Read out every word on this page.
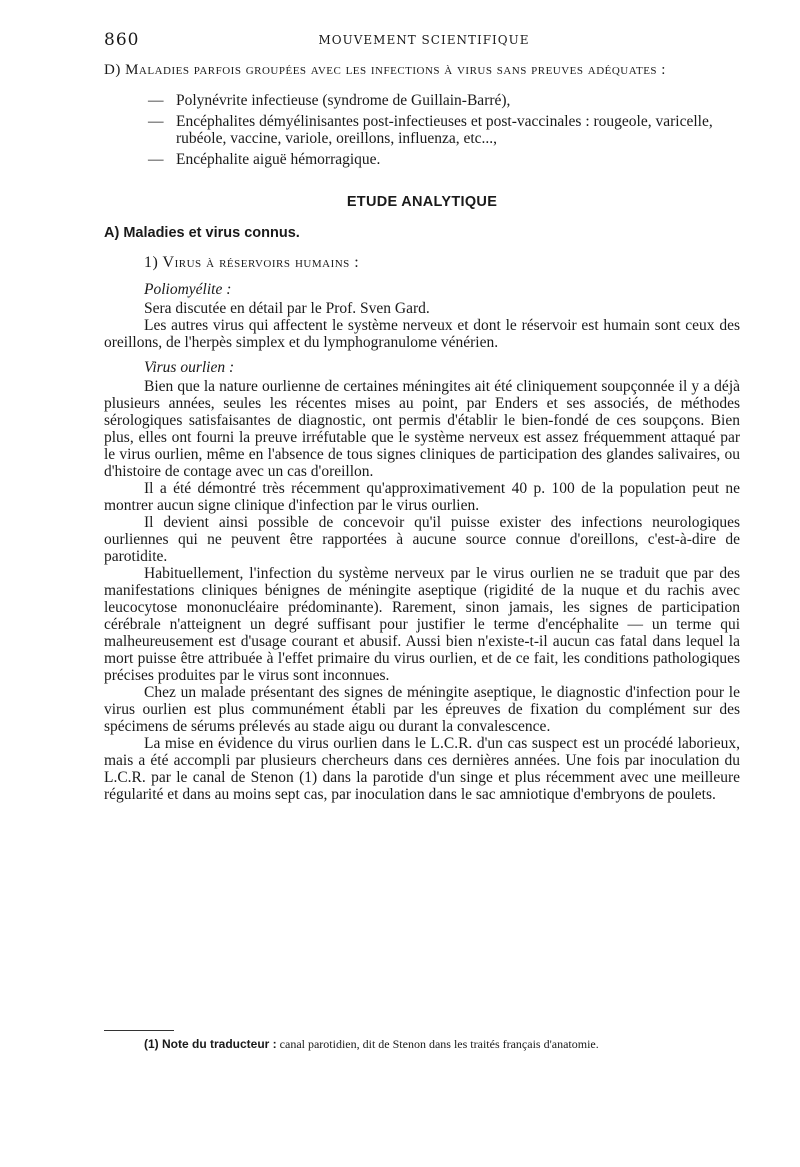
860	MOUVEMENT SCIENTIFIQUE
D) Maladies parfois groupées avec les infections à virus sans preuves adéquates :
— Polynévrite infectieuse (syndrome de Guillain-Barré),
— Encéphalites démyélinisantes post-infectieuses et post-vaccinales : rougeole, varicelle, rubéole, vaccine, variole, oreillons, influenza, etc...,
— Encéphalite aiguë hémorragique.
ETUDE ANALYTIQUE
A) Maladies et virus connus.
1) Virus à réservoirs humains :
Poliomyélite :

Sera discutée en détail par le Prof. Sven Gard.

Les autres virus qui affectent le système nerveux et dont le réservoir est humain sont ceux des oreillons, de l'herpès simplex et du lymphogranulome vénérien.

Virus ourlien :

Bien que la nature ourlienne de certaines méningites ait été cliniquement soupçonnée il y a déjà plusieurs années, seules les récentes mises au point, par Enders et ses associés, de méthodes sérologiques satisfaisantes de diagnostic, ont permis d'établir le bien-fondé de ces soupçons. Bien plus, elles ont fourni la preuve irréfutable que le système nerveux est assez fréquemment attaqué par le virus ourlien, même en l'absence de tous signes cliniques de participation des glandes salivaires, ou d'histoire de contage avec un cas d'oreillon.

Il a été démontré très récemment qu'approximativement 40 p. 100 de la population peut ne montrer aucun signe clinique d'infection par le virus ourlien.

Il devient ainsi possible de concevoir qu'il puisse exister des infections neurologiques ourliennes qui ne peuvent être rapportées à aucune source connue d'oreillons, c'est-à-dire de parotidite.

Habituellement, l'infection du système nerveux par le virus ourlien ne se traduit que par des manifestations cliniques bénignes de méningite aseptique (rigidité de la nuque et du rachis avec leucocytose mononucléaire prédominante). Rarement, sinon jamais, les signes de participation cérébrale n'atteignent un degré suffisant pour justifier le terme d'encéphalite — un terme qui malheureusement est d'usage courant et abusif. Aussi bien n'existe-t-il aucun cas fatal dans lequel la mort puisse être attribuée à l'effet primaire du virus ourlien, et de ce fait, les conditions pathologiques précises produites par le virus sont inconnues.

Chez un malade présentant des signes de méningite aseptique, le diagnostic d'infection pour le virus ourlien est plus communément établi par les épreuves de fixation du complément sur des spécimens de sérums prélevés au stade aigu ou durant la convalescence.

La mise en évidence du virus ourlien dans le L.C.R. d'un cas suspect est un procédé laborieux, mais a été accompli par plusieurs chercheurs dans ces dernières années. Une fois par inoculation du L.C.R. par le canal de Stenon (1) dans la parotide d'un singe et plus récemment avec une meilleure régularité et dans au moins sept cas, par inoculation dans le sac amniotique d'embryons de poulets.

(1) Note du traducteur : canal parotidien, dit de Stenon dans les traités français d'anatomie.
